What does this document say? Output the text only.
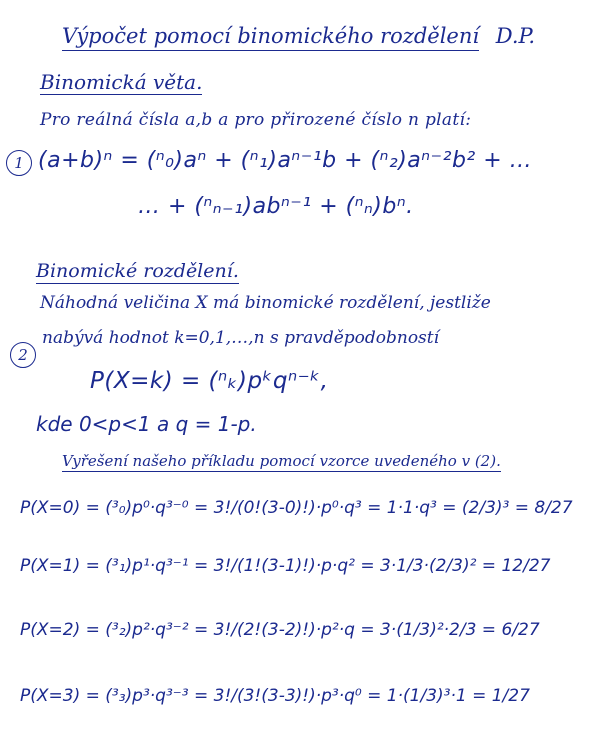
Výpočet pomocí binomického rozdělení D.P.
Binomická věta.
Pro reálná čísla a,b a pro přirozené číslo n platí:
1 (a+b)ⁿ = (ⁿ₀)aⁿ + (ⁿ₁)aⁿ⁻¹b + (ⁿ₂)aⁿ⁻²b² + …
… + (ⁿₙ₋₁)abⁿ⁻¹ + (ⁿₙ)bⁿ.
Binomické rozdělení.
Náhodná veličina X má binomické rozdělení, jestliže
2
nabývá hodnot k=0,1,…,n s pravděpodobností
P(X=k) = (ⁿₖ)pᵏqⁿ⁻ᵏ,
kde 0<p<1 a q = 1-p.
Vyřešení našeho příkladu pomocí vzorce uvedeného v (2).
P(X=0) = (³₀)p⁰·q³⁻⁰ = 3!/(0!(3-0)!)·p⁰·q³ = 1·1·q³ = (2/3)³ = 8/27
P(X=1) = (³₁)p¹·q³⁻¹ = 3!/(1!(3-1)!)·p·q² = 3·1/3·(2/3)² = 12/27
P(X=2) = (³₂)p²·q³⁻² = 3!/(2!(3-2)!)·p²·q = 3·(1/3)²·2/3 = 6/27
P(X=3) = (³₃)p³·q³⁻³ = 3!/(3!(3-3)!)·p³·q⁰ = 1·(1/3)³·1 = 1/27
